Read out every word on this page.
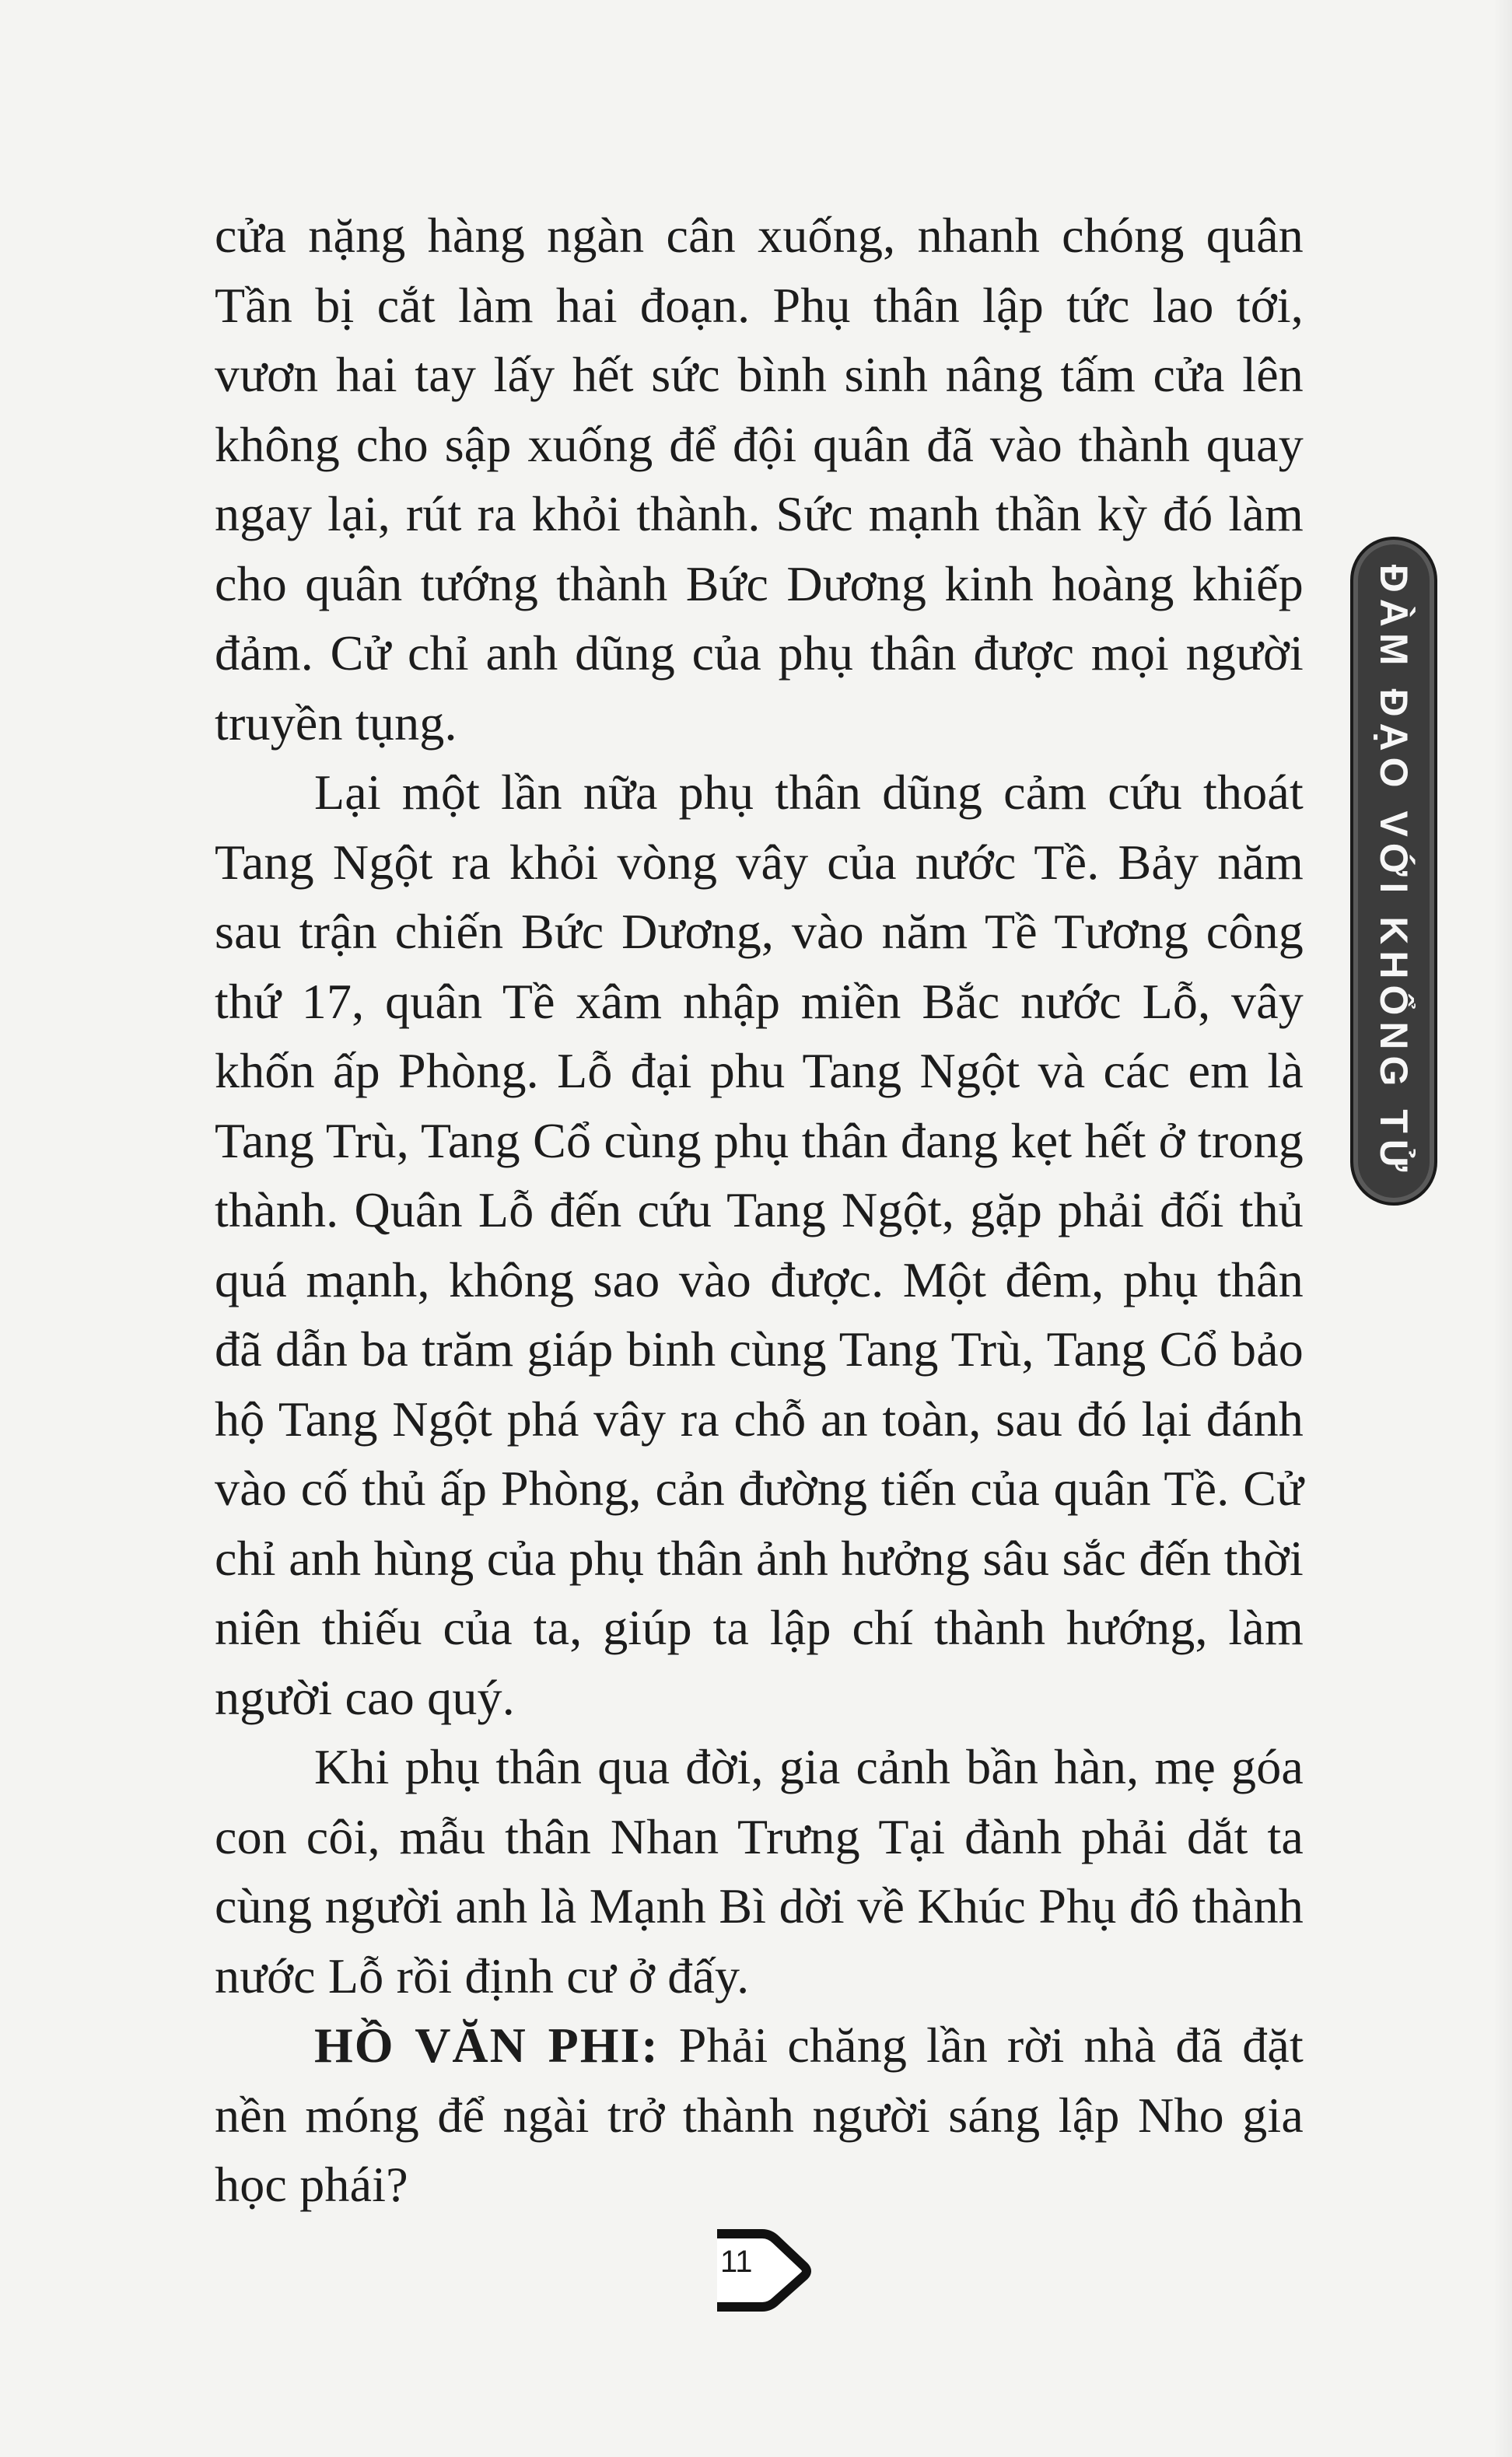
cửa nặng hàng ngàn cân xuống, nhanh chóng quân Tần bị cắt làm hai đoạn. Phụ thân lập tức lao tới, vươn hai tay lấy hết sức bình sinh nâng tấm cửa lên không cho sập xuống để đội quân đã vào thành quay ngay lại, rút ra khỏi thành. Sức mạnh thần kỳ đó làm cho quân tướng thành Bức Dương kinh hoàng khiếp đảm. Cử chỉ anh dũng của phụ thân được mọi người truyền tụng.

Lại một lần nữa phụ thân dũng cảm cứu thoát Tang Ngột ra khỏi vòng vây của nước Tề. Bảy năm sau trận chiến Bức Dương, vào năm Tề Tương công thứ 17, quân Tề xâm nhập miền Bắc nước Lỗ, vây khốn ấp Phòng. Lỗ đại phu Tang Ngột và các em là Tang Trù, Tang Cổ cùng phụ thân đang kẹt hết ở trong thành. Quân Lỗ đến cứu Tang Ngột, gặp phải đối thủ quá mạnh, không sao vào được. Một đêm, phụ thân đã dẫn ba trăm giáp binh cùng Tang Trù, Tang Cổ bảo hộ Tang Ngột phá vây ra chỗ an toàn, sau đó lại đánh vào cố thủ ấp Phòng, cản đường tiến của quân Tề. Cử chỉ anh hùng của phụ thân ảnh hưởng sâu sắc đến thời niên thiếu của ta, giúp ta lập chí thành hướng, làm người cao quý.

Khi phụ thân qua đời, gia cảnh bần hàn, mẹ góa con côi, mẫu thân Nhan Trưng Tại đành phải dắt ta cùng người anh là Mạnh Bì dời về Khúc Phụ đô thành nước Lỗ rồi định cư ở đấy.

HỒ VĂN PHI: Phải chăng lần rời nhà đã đặt nền móng để ngài trở thành người sáng lập Nho gia học phái?

ĐÀM ĐẠO VỚI KHỔNG TỬ
11
